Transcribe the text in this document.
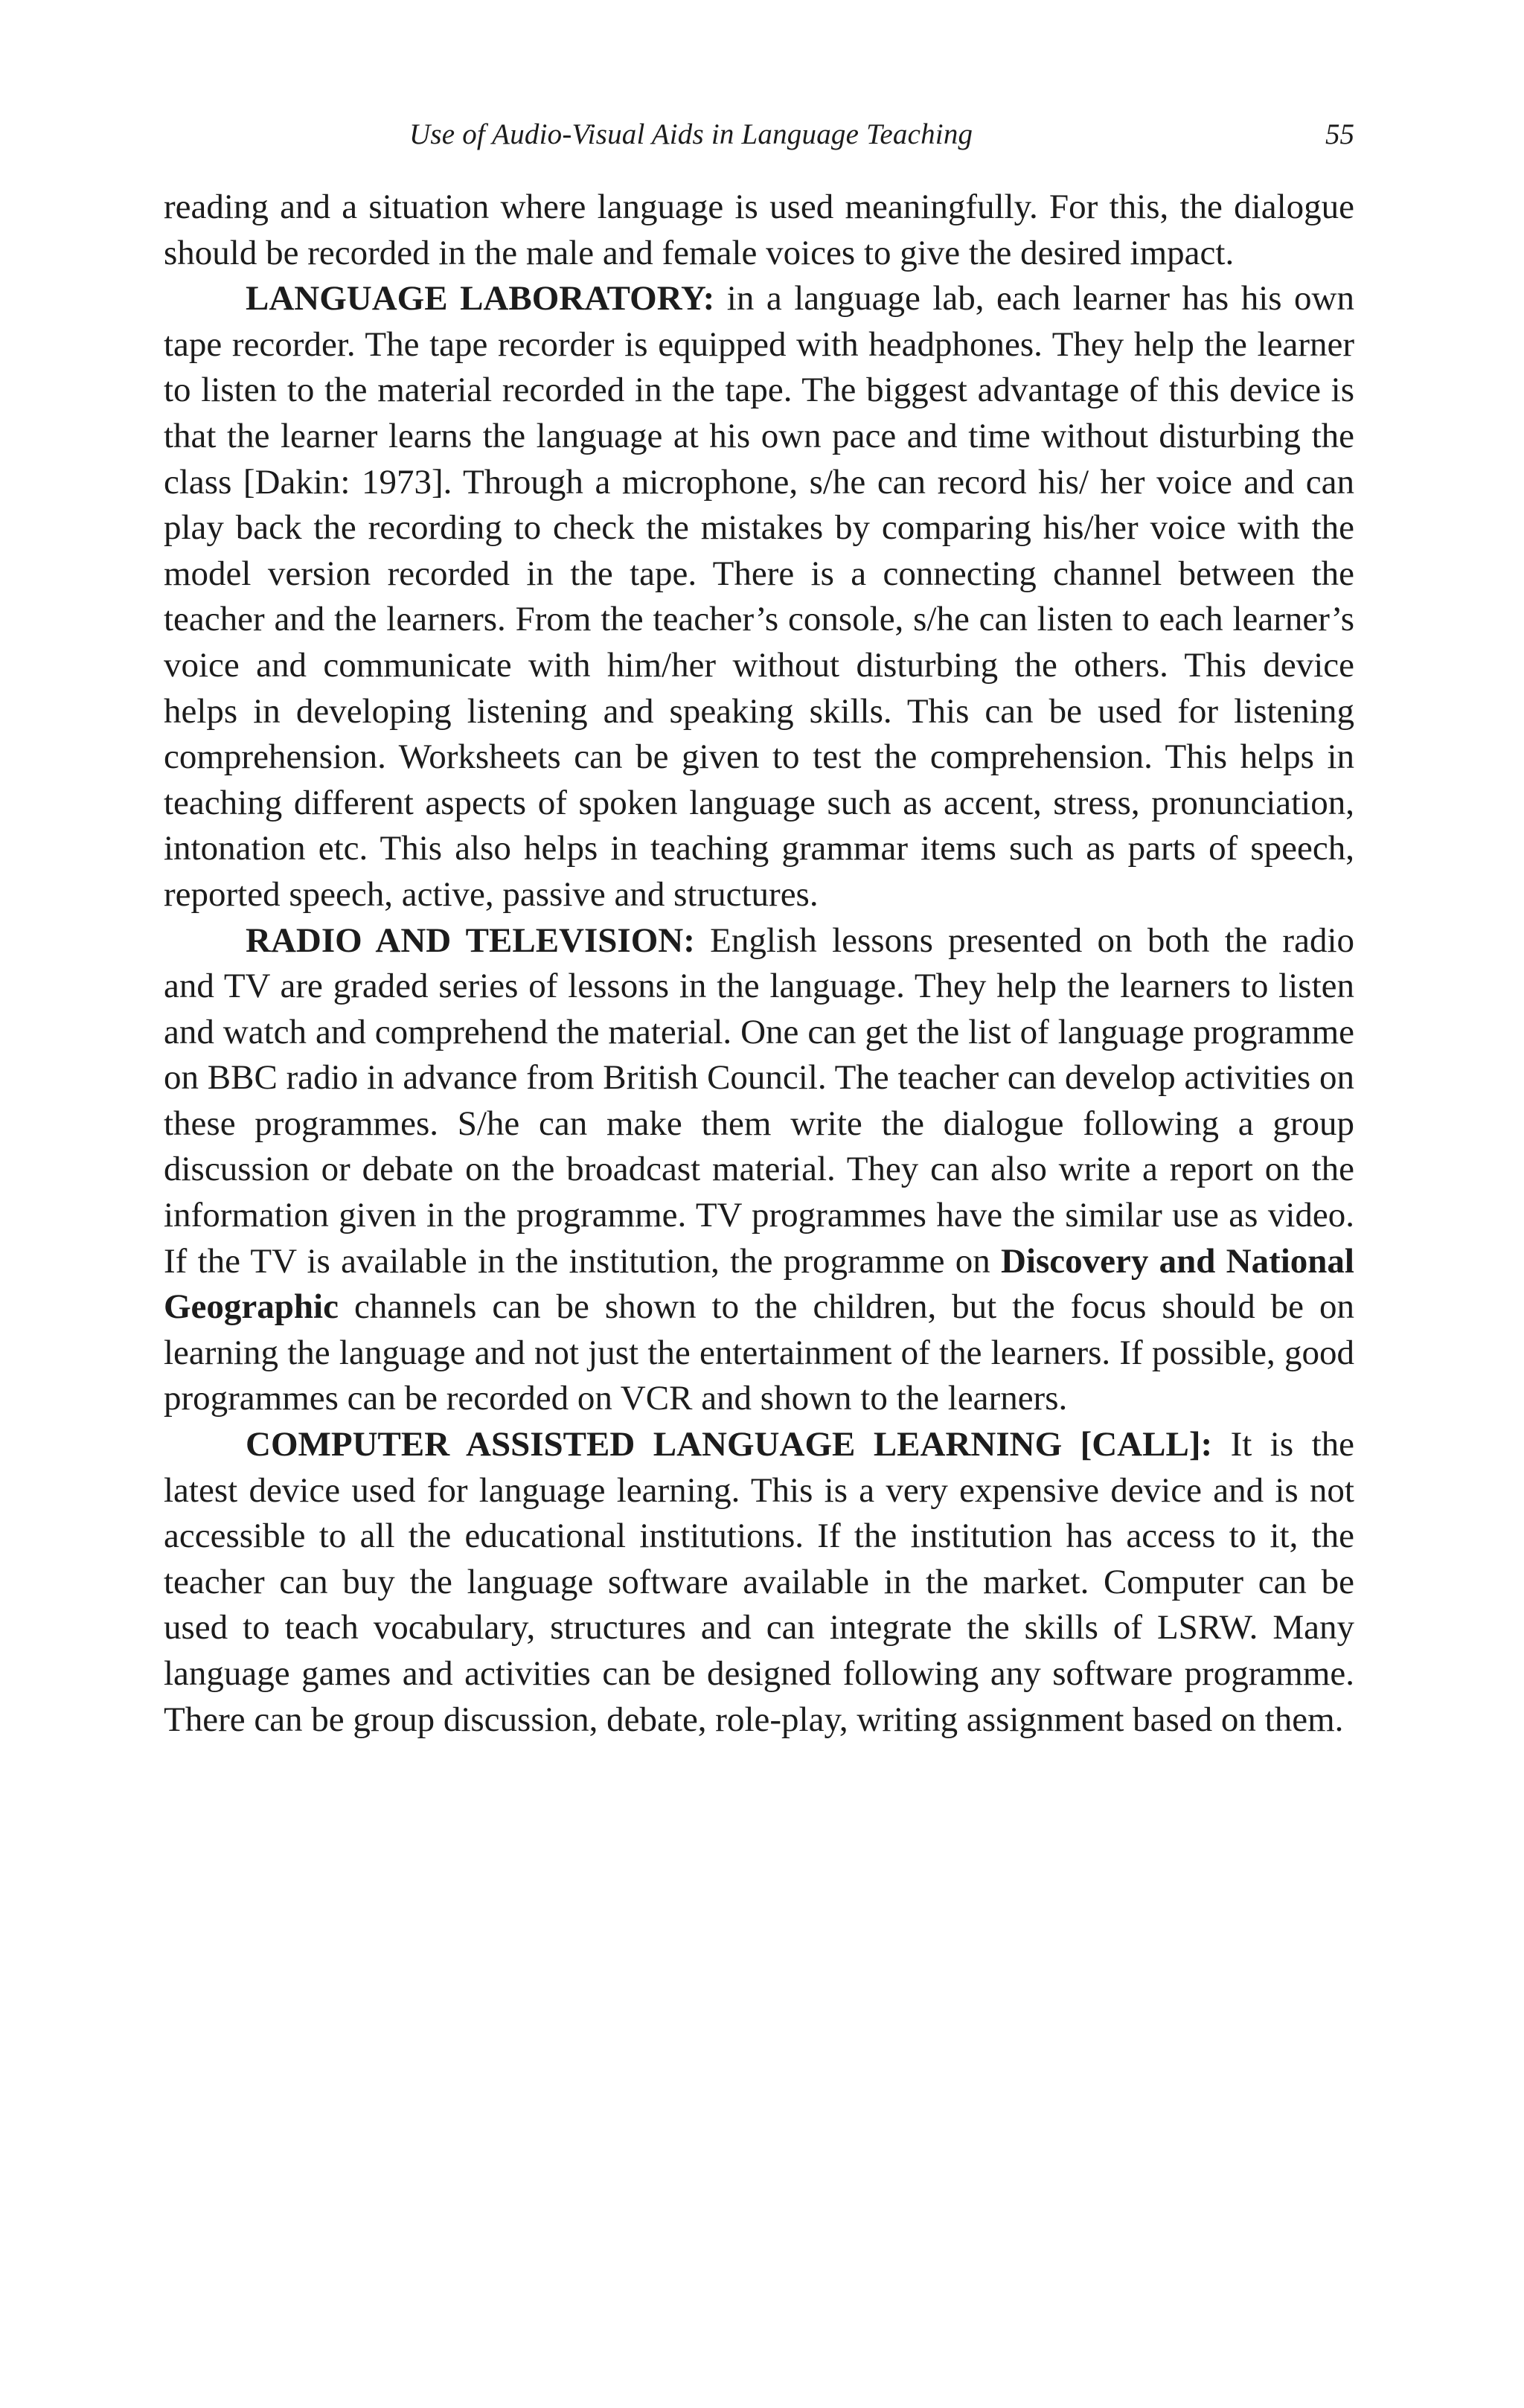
Use of Audio-Visual Aids in Language Teaching	55

reading and a situation where language is used meaningfully. For this, the dialogue should be recorded in the male and female voices to give the desired impact.

LANGUAGE LABORATORY: in a language lab, each learner has his own tape recorder. The tape recorder is equipped with headphones. They help the learner to listen to the material recorded in the tape. The biggest advantage of this device is that the learner learns the language at his own pace and time without disturbing the class [Dakin: 1973]. Through a microphone, s/he can record his/ her voice and can play back the recording to check the mistakes by comparing his/her voice with the model version recorded in the tape. There is a connecting channel between the teacher and the learners. From the teacher’s console, s/he can listen to each learner’s voice and communicate with him/her without disturbing the others. This device helps in developing listening and speaking skills. This can be used for listening comprehension. Worksheets can be given to test the comprehension. This helps in teaching different aspects of spoken language such as accent, stress, pronunciation, intonation etc. This also helps in teaching grammar items such as parts of speech, reported speech, active, passive and structures.

RADIO AND TELEVISION: English lessons presented on both the radio and TV are graded series of lessons in the language. They help the learners to listen and watch and comprehend the material. One can get the list of language programme on BBC radio in advance from British Council. The teacher can develop activities on these programmes. S/he can make them write the dialogue following a group discussion or debate on the broadcast material. They can also write a report on the information given in the programme. TV programmes have the similar use as video. If the TV is available in the institution, the programme on Discovery and National Geographic channels can be shown to the children, but the focus should be on learning the language and not just the entertainment of the learners. If possible, good programmes can be recorded on VCR and shown to the learners.

COMPUTER ASSISTED LANGUAGE LEARNING [CALL]: It is the latest device used for language learning. This is a very expensive device and is not accessible to all the educational institutions. If the institution has access to it, the teacher can buy the language software available in the market. Computer can be used to teach vocabulary, structures and can integrate the skills of LSRW. Many language games and activities can be designed following any software programme. There can be group discussion, debate, role-play, writing assignment based on them.
